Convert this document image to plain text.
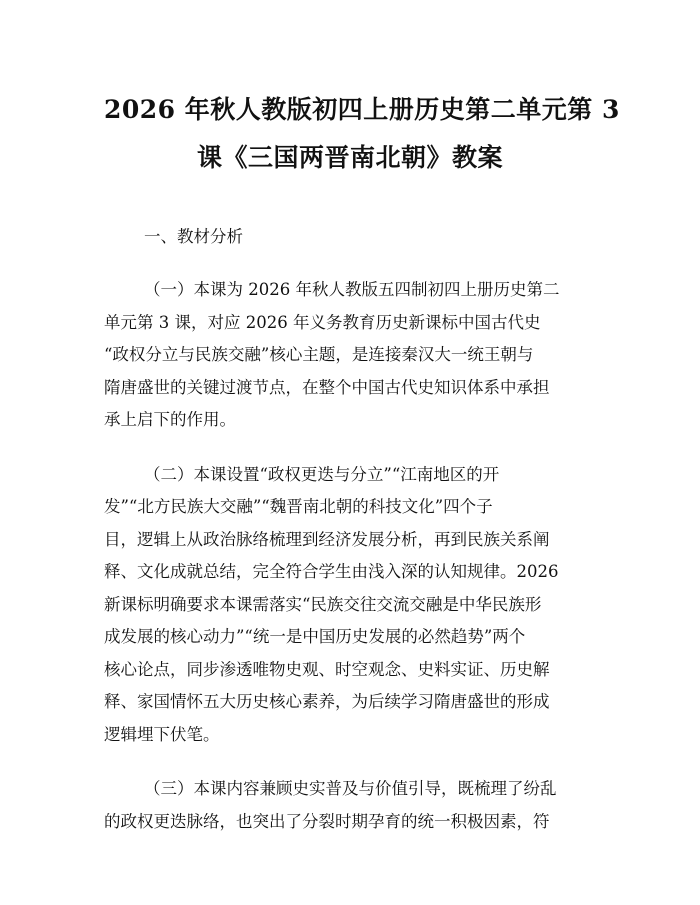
2026 年秋人教版初四上册历史第二单元第 3
课《三国两晋南北朝》教案
一、教材分析
（一）本课为 2026 年秋人教版五四制初四上册历史第二
单元第 3 课，对应 2026 年义务教育历史新课标中国古代史
“政权分立与民族交融”核心主题，是连接秦汉大一统王朝与
隋唐盛世的关键过渡节点，在整个中国古代史知识体系中承担
承上启下的作用。
（二）本课设置“政权更迭与分立”“江南地区的开
发”“北方民族大交融”“魏晋南北朝的科技文化”四个子
目，逻辑上从政治脉络梳理到经济发展分析，再到民族关系阐
释、文化成就总结，完全符合学生由浅入深的认知规律。2026
新课标明确要求本课需落实“民族交往交流交融是中华民族形
成发展的核心动力”“统一是中国历史发展的必然趋势”两个
核心论点，同步渗透唯物史观、时空观念、史料实证、历史解
释、家国情怀五大历史核心素养，为后续学习隋唐盛世的形成
逻辑埋下伏笔。
（三）本课内容兼顾史实普及与价值引导，既梳理了纷乱
的政权更迭脉络，也突出了分裂时期孕育的统一积极因素，符
